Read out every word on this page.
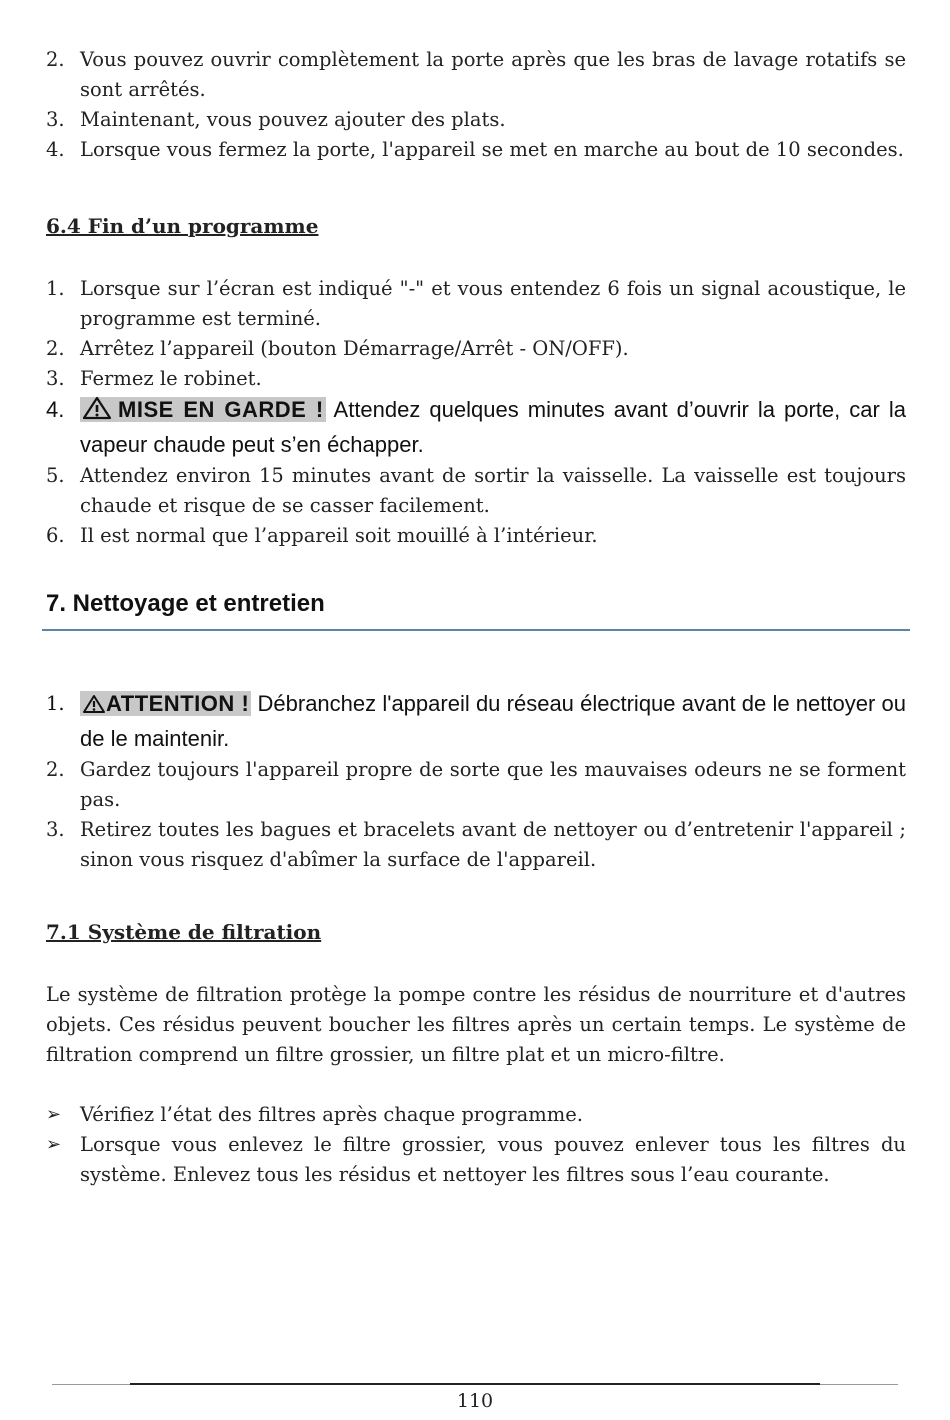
2. Vous pouvez ouvrir complètement la porte après que les bras de lavage rotatifs se sont arrêtés.
3. Maintenant, vous pouvez ajouter des plats.
4. Lorsque vous fermez la porte, l'appareil se met en marche au bout de 10 secondes.
6.4 Fin d’un programme
1. Lorsque sur l’écran est indiqué "-" et vous entendez 6 fois un signal acoustique, le programme est terminé.
2. Arrêtez l’appareil (bouton Démarrage/Arrêt - ON/OFF).
3. Fermez le robinet.
4. MISE EN GARDE ! Attendez quelques minutes avant d’ouvrir la porte, car la vapeur chaude peut s’en échapper.
5. Attendez environ 15 minutes avant de sortir la vaisselle. La vaisselle est toujours chaude et risque de se casser facilement.
6. Il est normal que l’appareil soit mouillé à l’intérieur.
7. Nettoyage et entretien
1. ATTENTION ! Débranchez l'appareil du réseau électrique avant de le nettoyer ou de le maintenir.
2. Gardez toujours l'appareil propre de sorte que les mauvaises odeurs ne se forment pas.
3. Retirez toutes les bagues et bracelets avant de nettoyer ou d’entretenir l'appareil ; sinon vous risquez d'abîmer la surface de l'appareil.
7.1 Système de filtration

Le système de filtration protège la pompe contre les résidus de nourriture et d'autres objets. Ces résidus peuvent boucher les filtres après un certain temps. Le système de filtration comprend un filtre grossier, un filtre plat et un micro-filtre.

➢ Vérifiez l’état des filtres après chaque programme.
➢ Lorsque vous enlevez le filtre grossier, vous pouvez enlever tous les filtres du système. Enlevez tous les résidus et nettoyer les filtres sous l’eau courante.
110
